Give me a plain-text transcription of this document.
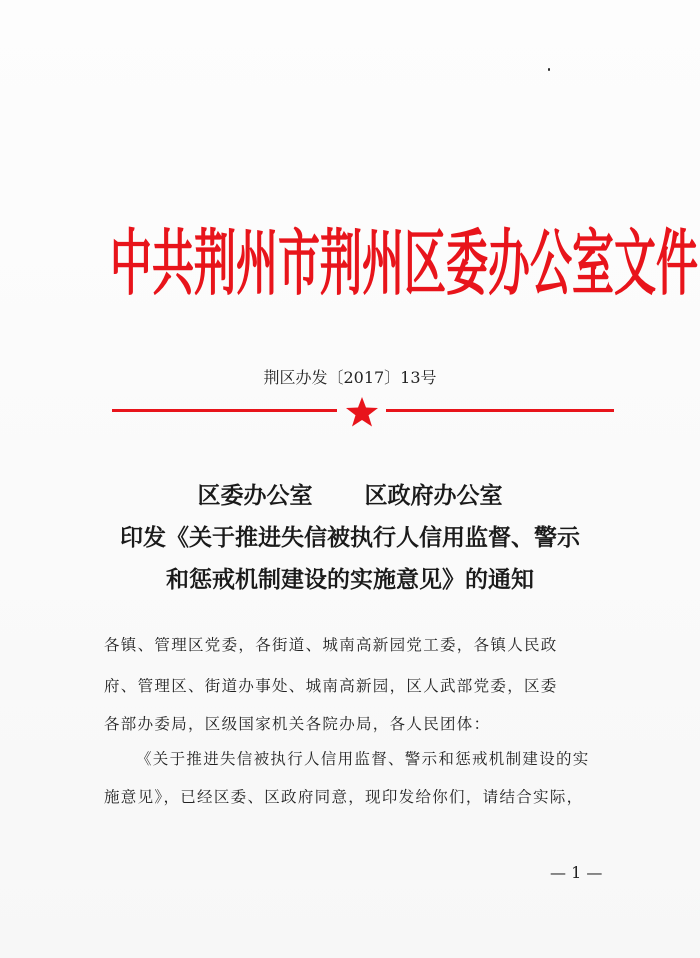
中共荆州市荆州区委办公室文件
荆区办发〔2017〕13号
区委办公室 区政府办公室
印发《关于推进失信被执行人信用监督、警示
和惩戒机制建设的实施意见》的通知
各镇、管理区党委，各街道、城南高新园党工委，各镇人民政
府、管理区、街道办事处、城南高新园，区人武部党委，区委
各部办委局，区级国家机关各院办局，各人民团体：
《关于推进失信被执行人信用监督、警示和惩戒机制建设的实
施意见》，已经区委、区政府同意，现印发给你们，请结合实际，
— 1 —
